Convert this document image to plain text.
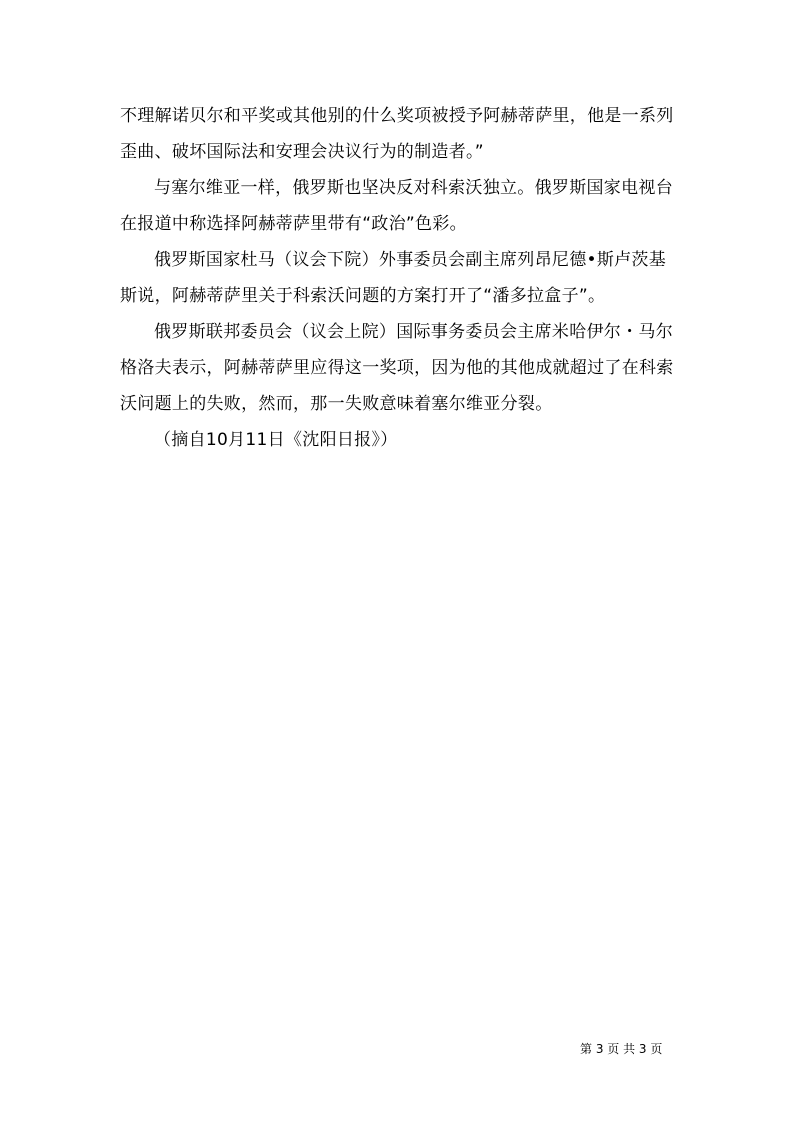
不理解诺贝尔和平奖或其他别的什么奖项被授予阿赫蒂萨里，他是一系列歪曲、破坏国际法和安理会决议行为的制造者。”

与塞尔维亚一样，俄罗斯也坚决反对科索沃独立。俄罗斯国家电视台在报道中称选择阿赫蒂萨里带有“政治”色彩。

俄罗斯国家杜马（议会下院）外事委员会副主席列昂尼德•斯卢茨基斯说，阿赫蒂萨里关于科索沃问题的方案打开了“潘多拉盒子”。

俄罗斯联邦委员会（议会上院）国际事务委员会主席米哈伊尔・马尔格洛夫表示，阿赫蒂萨里应得这一奖项，因为他的其他成就超过了在科索沃问题上的失败，然而，那一失败意味着塞尔维亚分裂。

（摘自10月11日《沈阳日报》）

第 3 页 共 3 页
